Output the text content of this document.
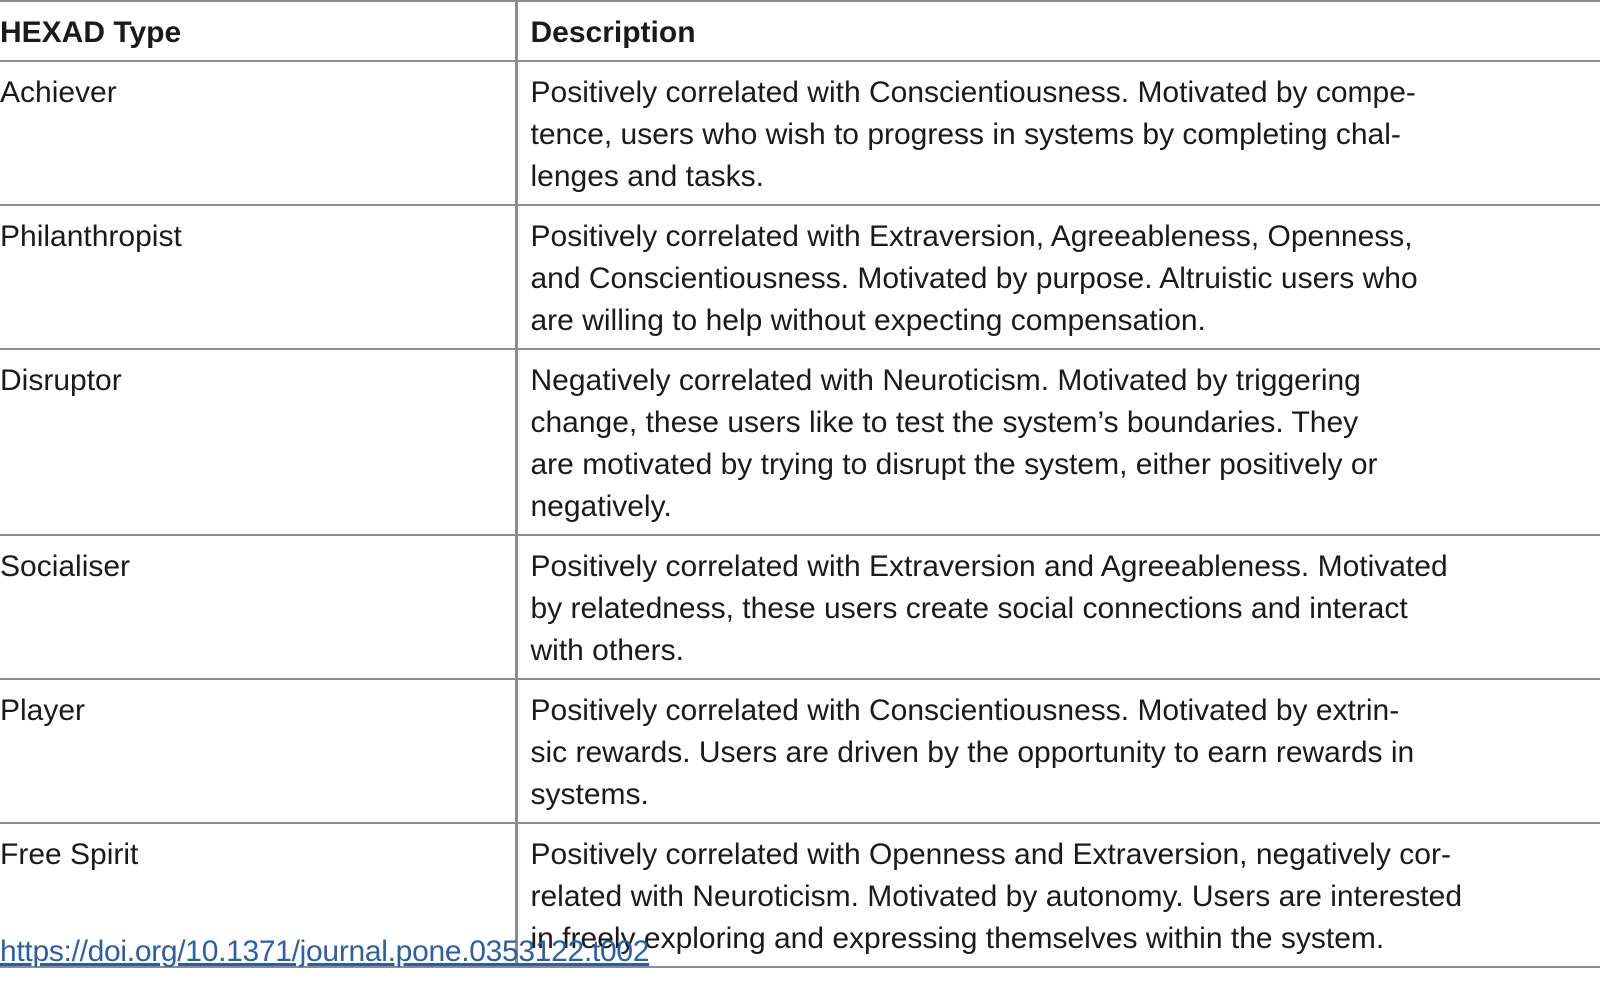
HEXAD Type	Description

Achiever	Positively correlated with Conscientiousness. Motivated by compe-
tence, users who wish to progress in systems by completing chal-
lenges and tasks.

Philanthropist	Positively correlated with Extraversion, Agreeableness, Openness,
and Conscientiousness. Motivated by purpose. Altruistic users who
are willing to help without expecting compensation.

Disruptor	Negatively correlated with Neuroticism. Motivated by triggering
change, these users like to test the system’s boundaries. They
are motivated by trying to disrupt the system, either positively or
negatively.

Socialiser	Positively correlated with Extraversion and Agreeableness. Motivated
by relatedness, these users create social connections and interact
with others.

Player	Positively correlated with Conscientiousness. Motivated by extrin-
sic rewards. Users are driven by the opportunity to earn rewards in
systems.

Free Spirit	Positively correlated with Openness and Extraversion, negatively cor-
related with Neuroticism. Motivated by autonomy. Users are interested
in freely exploring and expressing themselves within the system.
https://doi.org/10.1371/journal.pone.0353122.t002
